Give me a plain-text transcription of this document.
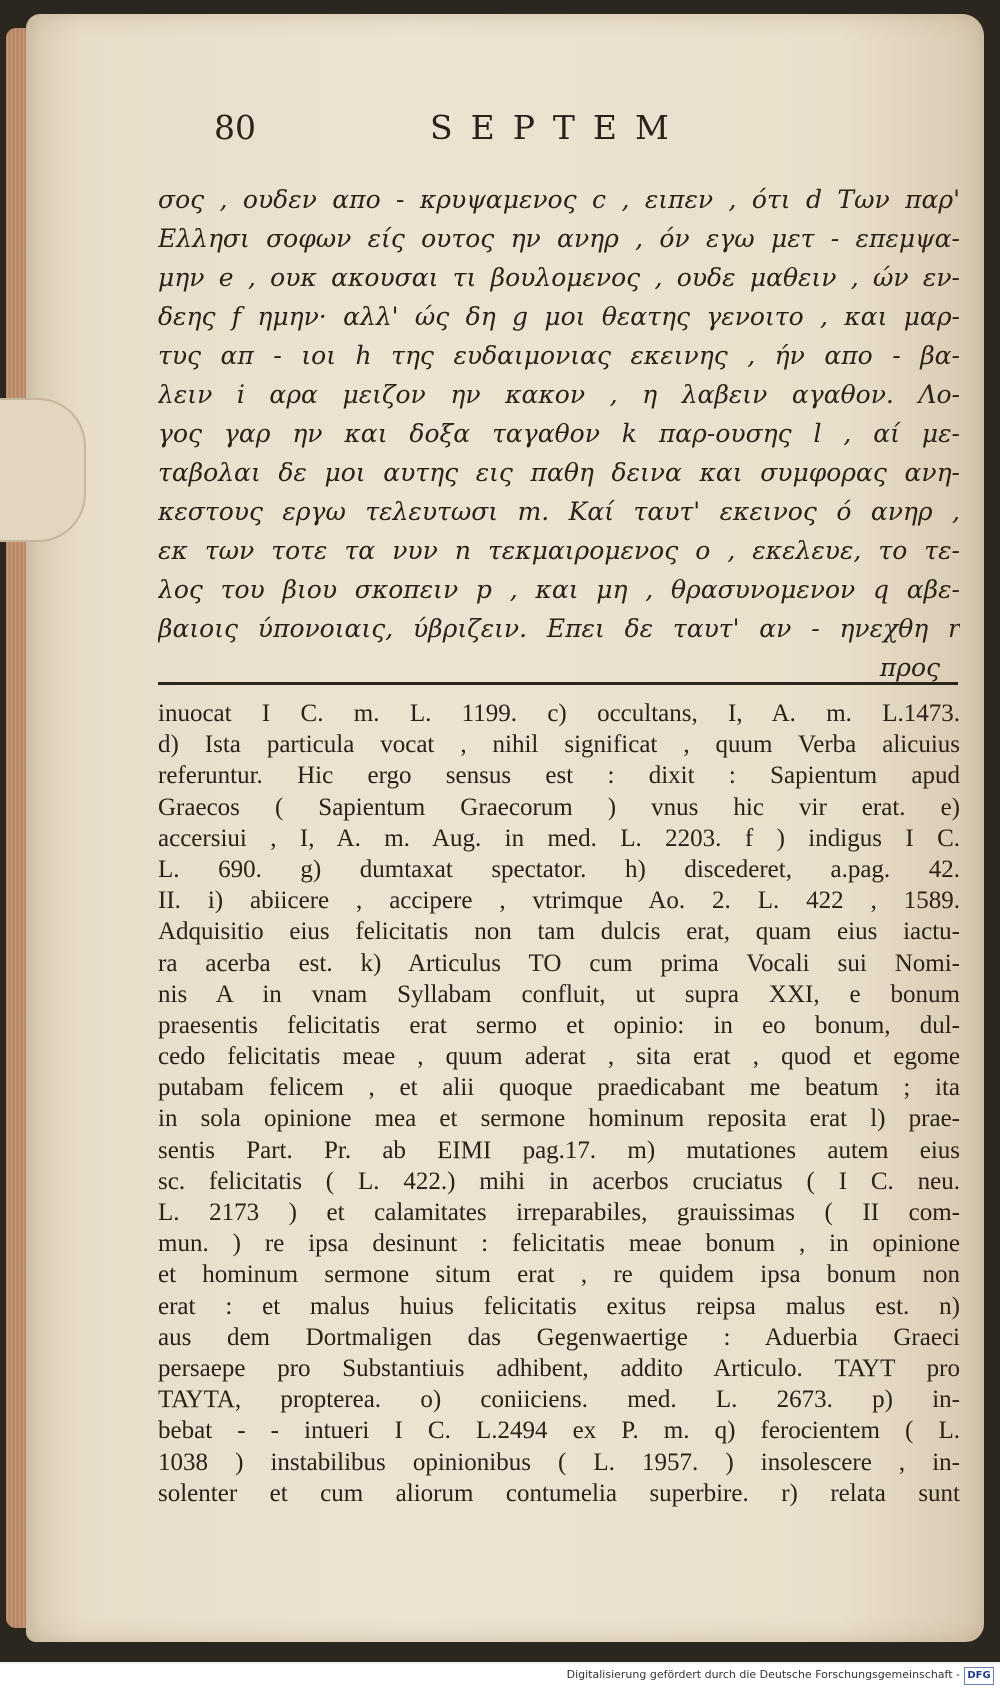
80	SEPTEM
σος , ουδεν απο - κρυψαμενος c , ειπεν , ότι d Των παρ'
Ελλησι σοφων είς ουτος ην ανηρ , όν εγω μετ - επεμψα-
μην e , ουκ ακουσαι τι βουλομενος , ουδε μαθειν , ών εν-
δεης f ημην· αλλ' ώς δη g μοι θεατης γενοιτο , και μαρ-
τυς απ - ιοι h της ευδαιμονιας εκεινης , ήν απο - βα-
λειν i αρα μειζον ην κακον , η λαβειν αγαθον. Λο-
γος γαρ ην και δοξα ταγαθον k παρ-ουσης l , αί με-
ταβολαι δε μοι αυτης εις παθη δεινα και συμφορας ανη-
κεστους εργω τελευτωσι m. Καί ταυτ' εκεινος ό ανηρ ,
εκ των τοτε τα νυν n τεκμαιρομενος o , εκελευε, το τε-
λος του βιου σκοπειν p , και μη , θρασυνομενον q αβε-
βαιοις ύπονοιαις, ύβριζειν. Επει δε ταυτ' αν - ηνεχθη r
προς
inuocat I C. m. L. 1199. c) occultans, I, A. m. L.1473.
d) Ista particula vocat , nihil significat , quum Verba alicuius
referuntur. Hic ergo sensus est : dixit : Sapientum apud
Graecos ( Sapientum Graecorum ) vnus hic vir erat. e)
accersiui , I, A. m. Aug. in med. L. 2203. f ) indigus I C.
L. 690. g) dumtaxat spectator. h) discederet, a.pag. 42.
II. i) abiicere , accipere , vtrimque Ao. 2. L. 422 , 1589.
Adquisitio eius felicitatis non tam dulcis erat, quam eius iactu-
ra acerba est. k) Articulus TO cum prima Vocali sui Nomi-
nis A in vnam Syllabam confluit, ut supra XXI, e bonum
praesentis felicitatis erat sermo et opinio: in eo bonum, dul-
cedo felicitatis meae , quum aderat , sita erat , quod et egome
putabam felicem , et alii quoque praedicabant me beatum ; ita
in sola opinione mea et sermone hominum reposita erat l) prae-
sentis Part. Pr. ab ΕΙΜΙ pag.17. m) mutationes autem eius
sc. felicitatis ( L. 422.) mihi in acerbos cruciatus ( I C. neu.
L. 2173 ) et calamitates irreparabiles, grauissimas ( II com-
mun. ) re ipsa desinunt : felicitatis meae bonum , in opinione
et hominum sermone situm erat , re quidem ipsa bonum non
erat : et malus huius felicitatis exitus reipsa malus est. n)
aus dem Dortmaligen das Gegenwaertige : Aduerbia Graeci
persaepe pro Substantiuis adhibent, addito Articulo. ΤΑΥΤ pro
ΤΑΥΤΑ, propterea. o) coniiciens. med. L. 2673. p) in-
bebat - - intueri I C. L.2494 ex P. m. q) ferocientem ( L.
1038 ) instabilibus opinionibus ( L. 1957. ) insolescere , in-
solenter et cum aliorum contumelia superbire. r) relata sunt
Digitalisierung gefördert durch die Deutsche Forschungsgemeinschaft - DFG
